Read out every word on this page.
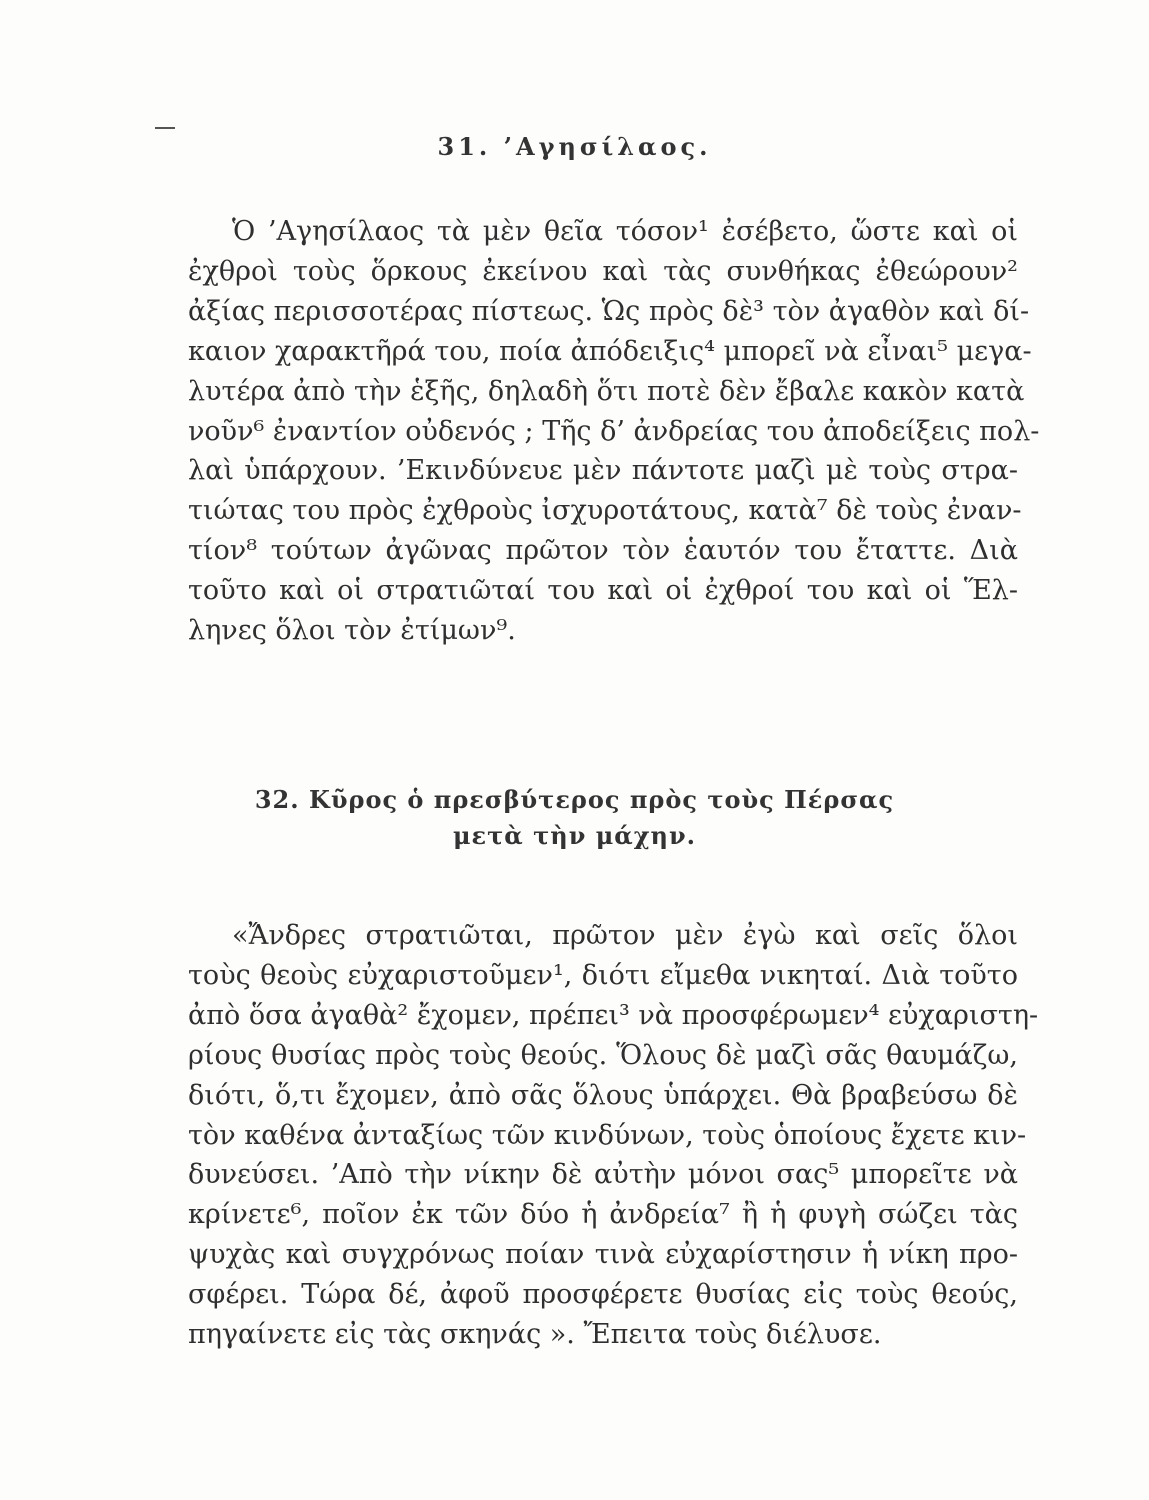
31. ’Αγησίλαος.
Ὁ ’Αγησίλαος τὰ μὲν θεῖα τόσον¹ ἐσέβετο, ὥστε καὶ οἱ
ἐχθροὶ τοὺς ὅρκους ἐκείνου καὶ τὰς συνθήκας ἐθεώρουν²
ἀξίας περισσοτέρας πίστεως. Ὡς πρὸς δὲ³ τὸν ἀγαθὸν καὶ δί-
καιον χαρακτῆρά του, ποία ἀπόδειξις⁴ μπορεῖ νὰ εἶναι⁵ μεγα-
λυτέρα ἀπὸ τὴν ἑξῆς, δηλαδὴ ὅτι ποτὲ δὲν ἔβαλε κακὸν κατὰ
νοῦν⁶ ἐναντίον οὐδενός ; Τῆς δ’ ἀνδρείας του ἀποδείξεις πολ-
λαὶ ὑπάρχουν. ’Εκινδύνευε μὲν πάντοτε μαζὶ μὲ τοὺς στρα-
τιώτας του πρὸς ἐχθροὺς ἰσχυροτάτους, κατὰ⁷ δὲ τοὺς ἐναν-
τίον⁸ τούτων ἀγῶνας πρῶτον τὸν ἑαυτόν του ἔταττε. Διὰ
τοῦτο καὶ οἱ στρατιῶταί του καὶ οἱ ἐχθροί του καὶ οἱ Ἕλ-
ληνες ὅλοι τὸν ἐτίμων⁹.
32. Κῦρος ὁ πρεσβύτερος πρὸς τοὺς Πέρσας
μετὰ τὴν μάχην.
«Ἄνδρες στρατιῶται, πρῶτον μὲν ἐγὼ καὶ σεῖς ὅλοι
τοὺς θεοὺς εὐχαριστοῦμεν¹, διότι εἴμεθα νικηταί. Διὰ τοῦτο
ἀπὸ ὅσα ἀγαθὰ² ἔχομεν, πρέπει³ νὰ προσφέρωμεν⁴ εὐχαριστη-
ρίους θυσίας πρὸς τοὺς θεούς. Ὅλους δὲ μαζὶ σᾶς θαυμάζω,
διότι, ὅ,τι ἔχομεν, ἀπὸ σᾶς ὅλους ὑπάρχει. Θὰ βραβεύσω δὲ
τὸν καθένα ἀνταξίως τῶν κινδύνων, τοὺς ὁποίους ἔχετε κιν-
δυνεύσει. ’Απὸ τὴν νίκην δὲ αὐτὴν μόνοι σας⁵ μπορεῖτε νὰ
κρίνετε⁶, ποῖον ἐκ τῶν δύο ἡ ἀνδρεία⁷ ἢ ἡ φυγὴ σώζει τὰς
ψυχὰς καὶ συγχρόνως ποίαν τινὰ εὐχαρίστησιν ἡ νίκη προ-
σφέρει. Τώρα δέ, ἀφοῦ προσφέρετε θυσίας εἰς τοὺς θεούς,
πηγαίνετε εἰς τὰς σκηνάς ». Ἔπειτα τοὺς διέλυσε.
